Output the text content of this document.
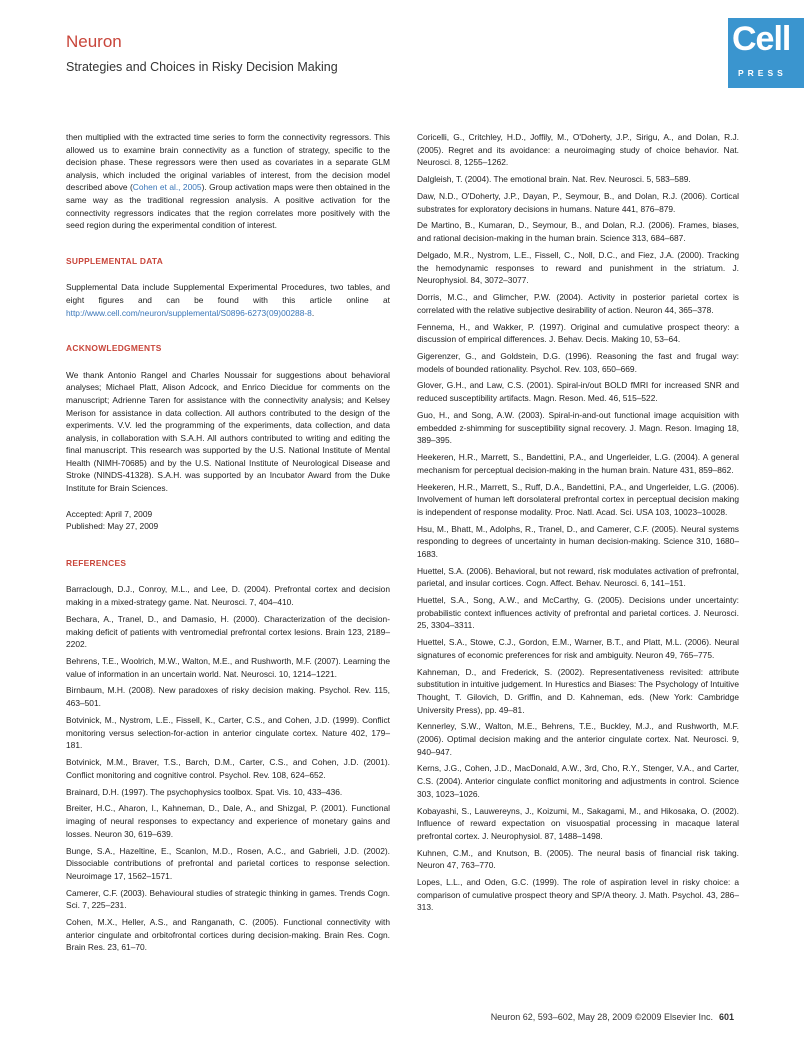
Neuron
Strategies and Choices in Risky Decision Making
Cell
PRESS

then multiplied with the extracted time series to form the connectivity regressors. This allowed us to examine brain connectivity as a function of strategy, specific to the decision phase. These regressors were then used as covariates in a separate GLM analysis, which included the original variables of interest, from the decision model described above (Cohen et al., 2005). Group activation maps were then obtained in the same way as the traditional regression analysis. A positive activation for the connectivity regressors indicates that the region correlates more positively with the seed region during the experimental condition of interest.

SUPPLEMENTAL DATA

Supplemental Data include Supplemental Experimental Procedures, two tables, and eight figures and can be found with this article online at http://www.cell.com/neuron/supplemental/S0896-6273(09)00288-8.

ACKNOWLEDGMENTS

We thank Antonio Rangel and Charles Noussair for suggestions about behavioral analyses; Michael Platt, Alison Adcock, and Enrico Diecidue for comments on the manuscript; Adrienne Taren for assistance with the connectivity analysis; and Kelsey Merison for assistance in data collection. All authors contributed to the design of the experiments. V.V. led the programming of the experiments, data collection, and data analysis, in collaboration with S.A.H. All authors contributed to writing and editing the final manuscript. This research was supported by the U.S. National Institute of Mental Health (NIMH-70685) and by the U.S. National Institute of Neurological Disease and Stroke (NINDS-41328). S.A.H. was supported by an Incubator Award from the Duke Institute for Brain Sciences.

Accepted: April 7, 2009

Published: May 27, 2009

REFERENCES

Barraclough, D.J., Conroy, M.L., and Lee, D. (2004). Prefrontal cortex and decision making in a mixed-strategy game. Nat. Neurosci. 7, 404–410.

Bechara, A., Tranel, D., and Damasio, H. (2000). Characterization of the decision-making deficit of patients with ventromedial prefrontal cortex lesions. Brain 123, 2189–2202.

Behrens, T.E., Woolrich, M.W., Walton, M.E., and Rushworth, M.F. (2007). Learning the value of information in an uncertain world. Nat. Neurosci. 10, 1214–1221.

Birnbaum, M.H. (2008). New paradoxes of risky decision making. Psychol. Rev. 115, 463–501.

Botvinick, M., Nystrom, L.E., Fissell, K., Carter, C.S., and Cohen, J.D. (1999). Conflict monitoring versus selection-for-action in anterior cingulate cortex. Nature 402, 179–181.

Botvinick, M.M., Braver, T.S., Barch, D.M., Carter, C.S., and Cohen, J.D. (2001). Conflict monitoring and cognitive control. Psychol. Rev. 108, 624–652.

Brainard, D.H. (1997). The psychophysics toolbox. Spat. Vis. 10, 433–436.

Breiter, H.C., Aharon, I., Kahneman, D., Dale, A., and Shizgal, P. (2001). Functional imaging of neural responses to expectancy and experience of monetary gains and losses. Neuron 30, 619–639.

Bunge, S.A., Hazeltine, E., Scanlon, M.D., Rosen, A.C., and Gabrieli, J.D. (2002). Dissociable contributions of prefrontal and parietal cortices to response selection. Neuroimage 17, 1562–1571.

Camerer, C.F. (2003). Behavioural studies of strategic thinking in games. Trends Cogn. Sci. 7, 225–231.

Cohen, M.X., Heller, A.S., and Ranganath, C. (2005). Functional connectivity with anterior cingulate and orbitofrontal cortices during decision-making. Brain Res. Cogn. Brain Res. 23, 61–70.

Coricelli, G., Critchley, H.D., Joffily, M., O'Doherty, J.P., Sirigu, A., and Dolan, R.J. (2005). Regret and its avoidance: a neuroimaging study of choice behavior. Nat. Neurosci. 8, 1255–1262.

Dalgleish, T. (2004). The emotional brain. Nat. Rev. Neurosci. 5, 583–589.

Daw, N.D., O'Doherty, J.P., Dayan, P., Seymour, B., and Dolan, R.J. (2006). Cortical substrates for exploratory decisions in humans. Nature 441, 876–879.

De Martino, B., Kumaran, D., Seymour, B., and Dolan, R.J. (2006). Frames, biases, and rational decision-making in the human brain. Science 313, 684–687.

Delgado, M.R., Nystrom, L.E., Fissell, C., Noll, D.C., and Fiez, J.A. (2000). Tracking the hemodynamic responses to reward and punishment in the striatum. J. Neurophysiol. 84, 3072–3077.

Dorris, M.C., and Glimcher, P.W. (2004). Activity in posterior parietal cortex is correlated with the relative subjective desirability of action. Neuron 44, 365–378.

Fennema, H., and Wakker, P. (1997). Original and cumulative prospect theory: a discussion of empirical differences. J. Behav. Decis. Making 10, 53–64.

Gigerenzer, G., and Goldstein, D.G. (1996). Reasoning the fast and frugal way: models of bounded rationality. Psychol. Rev. 103, 650–669.

Glover, G.H., and Law, C.S. (2001). Spiral-in/out BOLD fMRI for increased SNR and reduced susceptibility artifacts. Magn. Reson. Med. 46, 515–522.

Guo, H., and Song, A.W. (2003). Spiral-in-and-out functional image acquisition with embedded z-shimming for susceptibility signal recovery. J. Magn. Reson. Imaging 18, 389–395.

Heekeren, H.R., Marrett, S., Bandettini, P.A., and Ungerleider, L.G. (2004). A general mechanism for perceptual decision-making in the human brain. Nature 431, 859–862.

Heekeren, H.R., Marrett, S., Ruff, D.A., Bandettini, P.A., and Ungerleider, L.G. (2006). Involvement of human left dorsolateral prefrontal cortex in perceptual decision making is independent of response modality. Proc. Natl. Acad. Sci. USA 103, 10023–10028.

Hsu, M., Bhatt, M., Adolphs, R., Tranel, D., and Camerer, C.F. (2005). Neural systems responding to degrees of uncertainty in human decision-making. Science 310, 1680–1683.

Huettel, S.A. (2006). Behavioral, but not reward, risk modulates activation of prefrontal, parietal, and insular cortices. Cogn. Affect. Behav. Neurosci. 6, 141–151.

Huettel, S.A., Song, A.W., and McCarthy, G. (2005). Decisions under uncertainty: probabilistic context influences activity of prefrontal and parietal cortices. J. Neurosci. 25, 3304–3311.

Huettel, S.A., Stowe, C.J., Gordon, E.M., Warner, B.T., and Platt, M.L. (2006). Neural signatures of economic preferences for risk and ambiguity. Neuron 49, 765–775.

Kahneman, D., and Frederick, S. (2002). Representativeness revisited: attribute substitution in intuitive judgement. In Hurestics and Biases: The Psychology of Intuitive Thought, T. Gilovich, D. Griffin, and D. Kahneman, eds. (New York: Cambridge University Press), pp. 49–81.

Kennerley, S.W., Walton, M.E., Behrens, T.E., Buckley, M.J., and Rushworth, M.F. (2006). Optimal decision making and the anterior cingulate cortex. Nat. Neurosci. 9, 940–947.

Kerns, J.G., Cohen, J.D., MacDonald, A.W., 3rd, Cho, R.Y., Stenger, V.A., and Carter, C.S. (2004). Anterior cingulate conflict monitoring and adjustments in control. Science 303, 1023–1026.

Kobayashi, S., Lauwereyns, J., Koizumi, M., Sakagami, M., and Hikosaka, O. (2002). Influence of reward expectation on visuospatial processing in macaque lateral prefrontal cortex. J. Neurophysiol. 87, 1488–1498.

Kuhnen, C.M., and Knutson, B. (2005). The neural basis of financial risk taking. Neuron 47, 763–770.

Lopes, L.L., and Oden, G.C. (1999). The role of aspiration level in risky choice: a comparison of cumulative prospect theory and SP/A theory. J. Math. Psychol. 43, 286–313.

Neuron 62, 593–602, May 28, 2009 ©2009 Elsevier Inc. 601
